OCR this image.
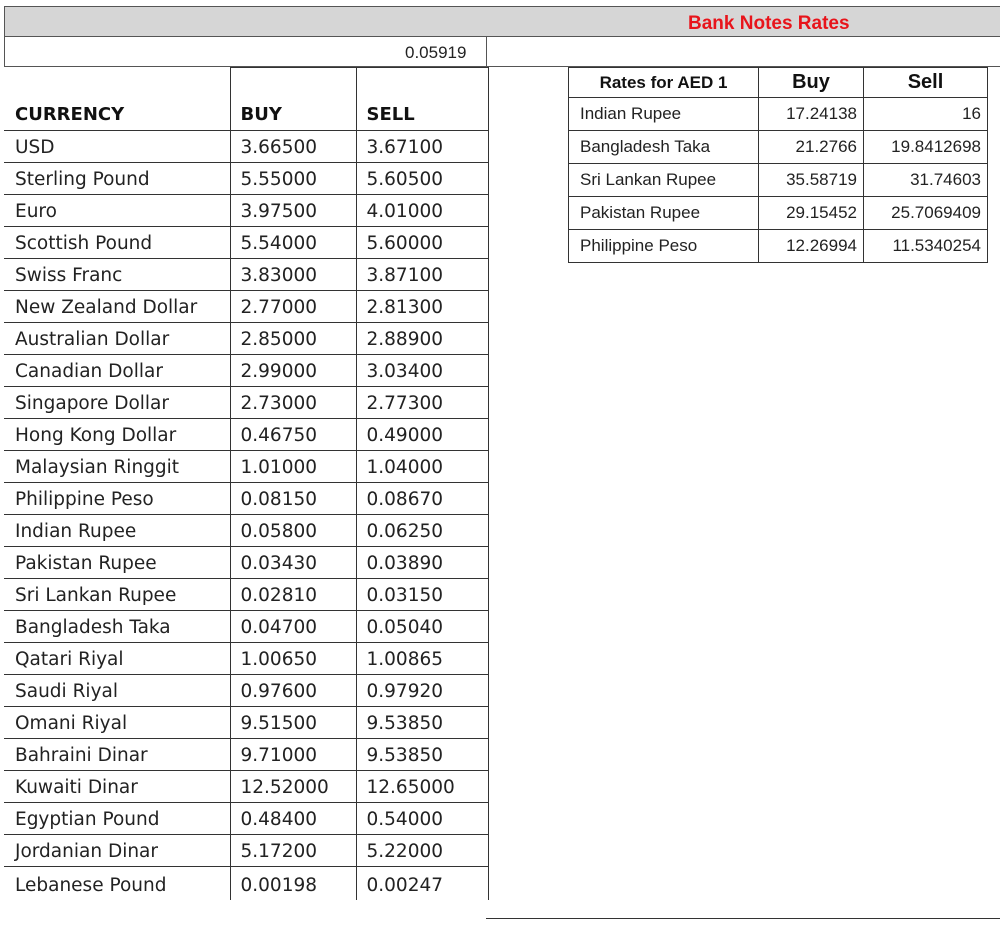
Bank Notes Rates
0.05919
CURRENCY	BUY	SELL
USD	3.66500	3.67100
Sterling Pound	5.55000	5.60500
Euro	3.97500	4.01000
Scottish Pound	5.54000	5.60000
Swiss Franc	3.83000	3.87100
New Zealand Dollar	2.77000	2.81300
Australian Dollar	2.85000	2.88900
Canadian Dollar	2.99000	3.03400
Singapore Dollar	2.73000	2.77300
Hong Kong Dollar	0.46750	0.49000
Malaysian Ringgit	1.01000	1.04000
Philippine Peso	0.08150	0.08670
Indian Rupee	0.05800	0.06250
Pakistan Rupee	0.03430	0.03890
Sri Lankan Rupee	0.02810	0.03150
Bangladesh Taka	0.04700	0.05040
Qatari Riyal	1.00650	1.00865
Saudi Riyal	0.97600	0.97920
Omani Riyal	9.51500	9.53850
Bahraini Dinar	9.71000	9.53850
Kuwaiti Dinar	12.52000	12.65000
Egyptian Pound	0.48400	0.54000
Jordanian Dinar	5.17200	5.22000
Lebanese Pound	0.00198	0.00247
Rates for AED 1	Buy	Sell
Indian Rupee	17.24138	16
Bangladesh Taka	21.2766	19.8412698
Sri Lankan Rupee	35.58719	31.74603
Pakistan Rupee	29.15452	25.7069409
Philippine Peso	12.26994	11.5340254
